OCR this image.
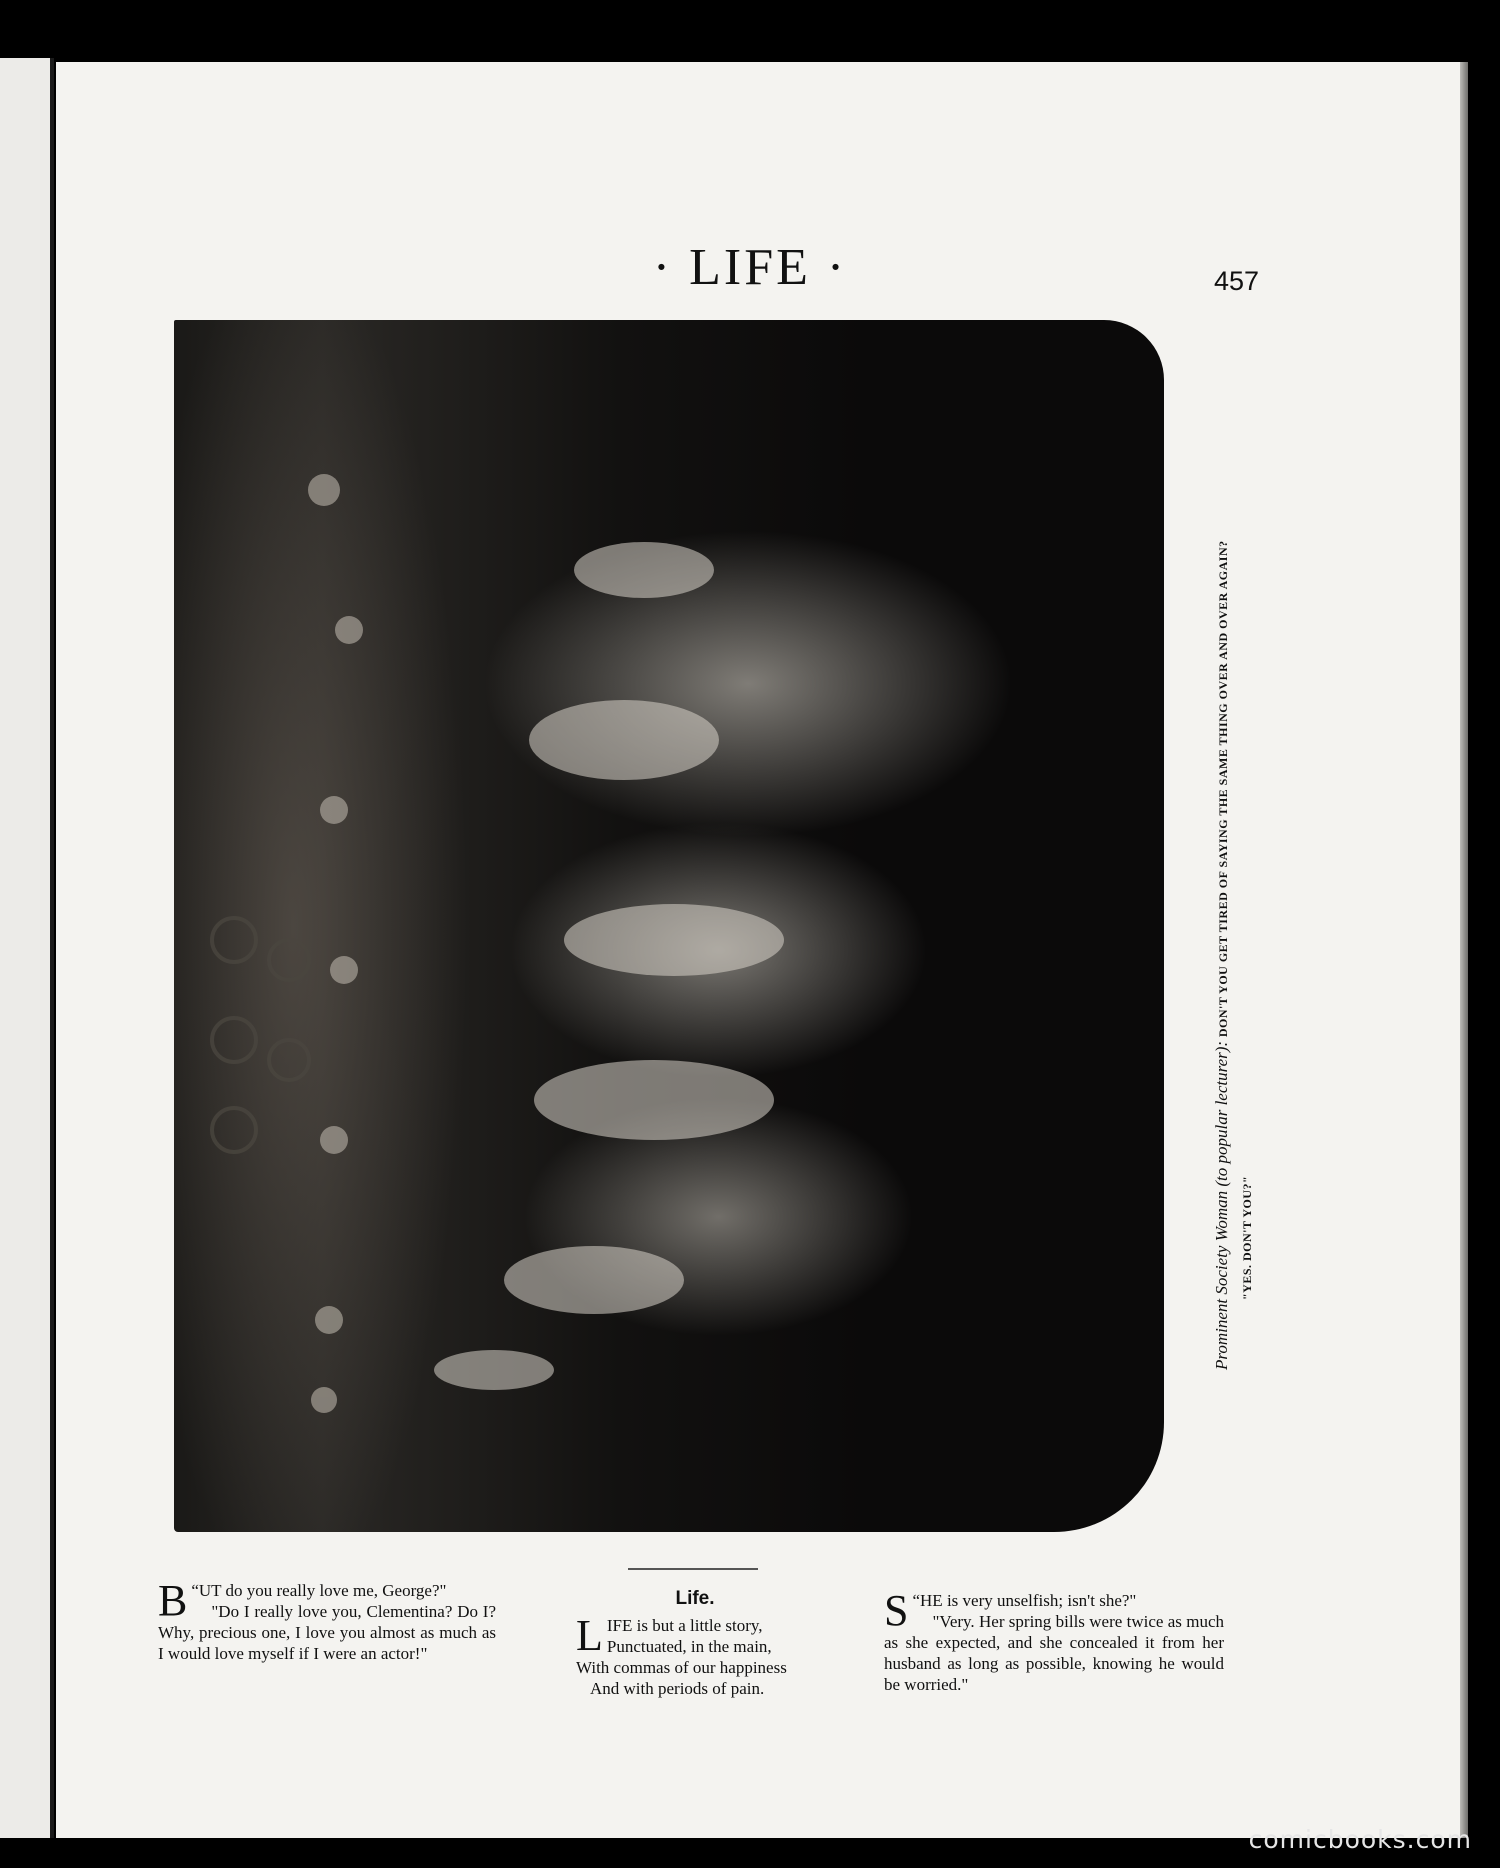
· LIFE ·	457
Prominent Society Woman (to popular lecturer): DON'T YOU GET TIRED OF SAYING THE SAME THING OVER AND OVER AGAIN?
"YES. DON'T YOU?"
“
B UT do you really love me, George?"
"Do I really love you, Clementina? Do I? Why, precious one, I love you almost as much as I would love myself if I were an actor!"
Life.
L IFE is but a little story,
Punctuated, in the main,
With commas of our happiness
And with periods of pain.
“
S HE is very unselfish; isn't she?"
"Very. Her spring bills were twice as much as she expected, and she concealed it from her husband as long as possible, knowing he would be worried."
comicbooks.com
